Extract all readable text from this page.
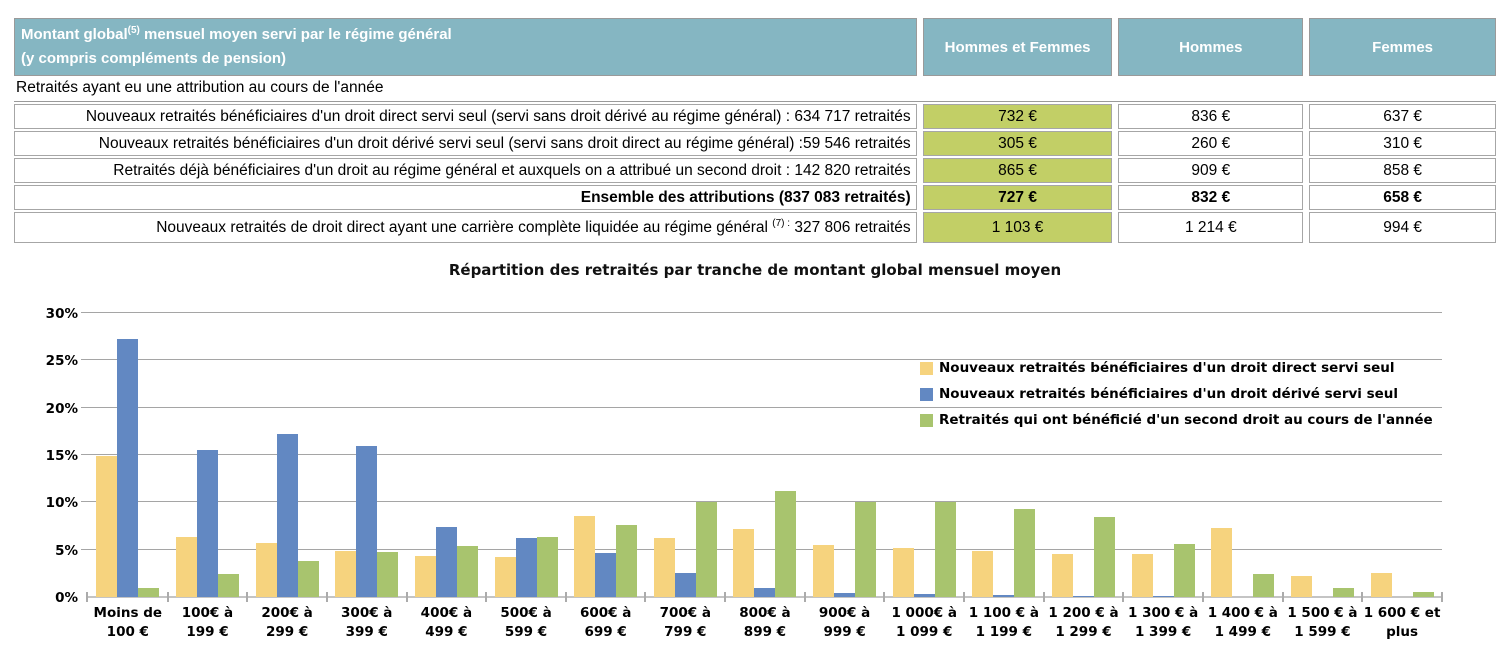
Montant global$^{(5)}$ mensuel moyen servi par le régime général
(y compris compléments de pension)	Hommes et Femmes	Hommes	Femmes
Retraités ayant eu une attribution au cours de l'année			
Nouveaux retraités bénéficiaires d'un droit direct servi seul (servi sans droit dérivé au régime général) : 634 717 retraités	732 €	836 €	637 €
Nouveaux retraités bénéficiaires d'un droit dérivé servi seul (servi sans droit direct au régime général) :59 546 retraités	305 €	260 €	310 €
Retraités déjà bénéficiaires d'un droit au régime général et auxquels on a attribué un second droit : 142 820 retraités	865 €	909 €	858 €
Ensemble des attributions (837 083 retraités)	727 €	832 €	658 €
Nouveaux retraités de droit direct ayant une carrière complète liquidée au régime général $^{(7) :}$ 327 806 retraités	1 103 €	1 214 €	994 €
Répartition des retraités par tranche de montant global mensuel moyen
Moins de
100 €
100€ à
199 €
200€ à
299 €
300€ à
399 €
400€ à
499 €
500€ à
599 €
600€ à
699 €
700€ à
799 €
800€ à
899 €
900€ à
999 €
1 000€ à
1 099 €
1 100 € à
1 199 €
1 200 € à
1 299 €
1 300 € à
1 399 €
1 400 € à
1 499 €
1 500 € à
1 599 €
1 600 € et
plus
Nouveaux retraités bénéficiaires d'un droit direct servi seul
Nouveaux retraités bénéficiaires d'un droit dérivé servi seul
Retraités qui ont bénéficié d'un second droit au cours de l'année
0%
5%
10%
15%
20%
25%
30%
